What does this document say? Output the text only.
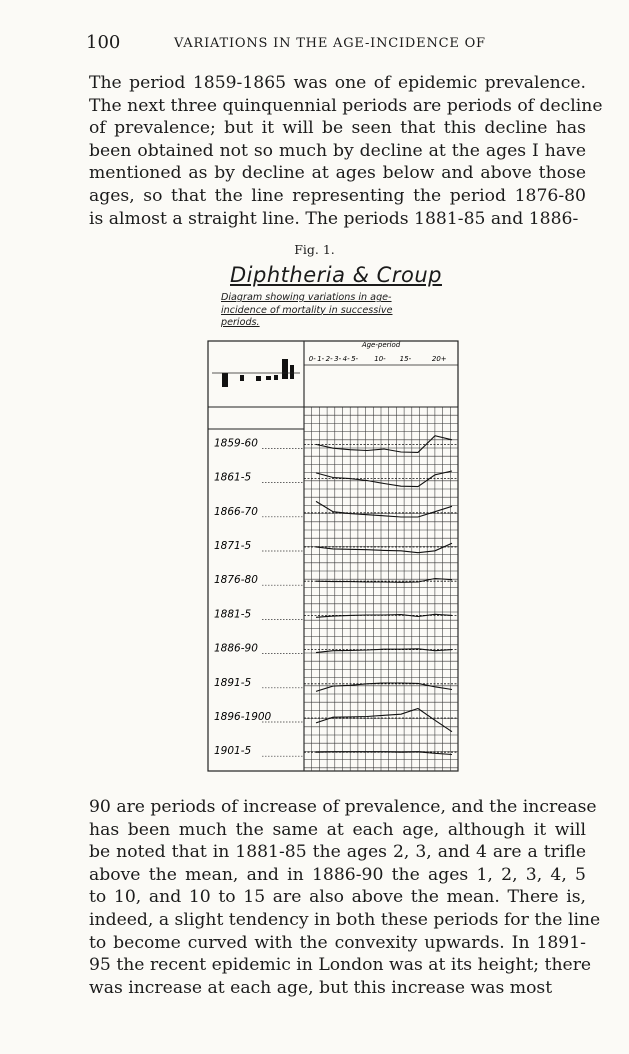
100	VARIATIONS IN THE AGE-INCIDENCE OF

The period 1859-1865 was one of epidemic prevalence.
The next three quinquennial periods are periods of decline
of prevalence; but it will be seen that this decline has
been obtained not so much by decline at the ages I have
mentioned as by decline at ages below and above those
ages, so that the line representing the period 1876-80
is almost a straight line. The periods 1881-85 and 1886-

Fig. 1.
Diphtheria & Croup
Diagram showing variations in age-
incidence of mortality in successive
periods.
Age-period
0- 1- 2- 3- 4- 5- 10- 15-	20+
1859-60
1861-5
1866-70
1871-5
1876-80
1881-5
1886-90
1891-5
1896-1900
1901-5

90 are periods of increase of prevalence, and the increase
has been much the same at each age, although it will
be noted that in 1881-85 the ages 2, 3, and 4 are a trifle
above the mean, and in 1886-90 the ages 1, 2, 3, 4, 5
to 10, and 10 to 15 are also above the mean. There is,
indeed, a slight tendency in both these periods for the line
to become curved with the convexity upwards. In 1891-
95 the recent epidemic in London was at its height; there
was increase at each age, but this increase was most
